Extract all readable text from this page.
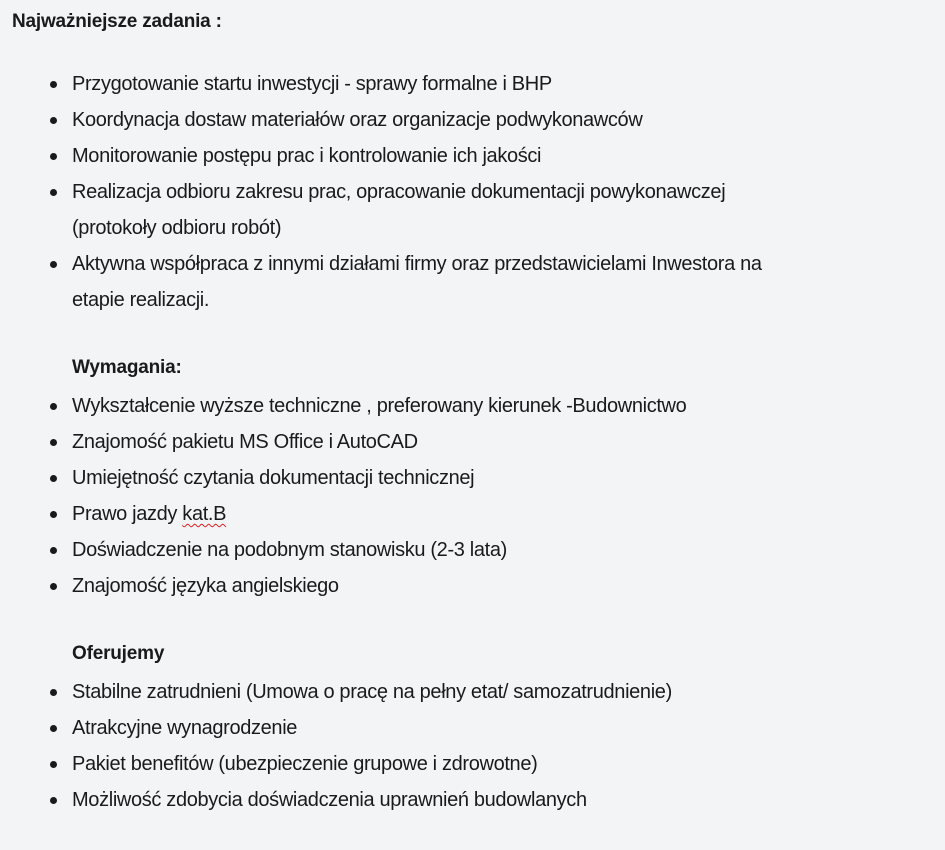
Najważniejsze zadania :
Przygotowanie startu inwestycji - sprawy formalne i BHP
Koordynacja dostaw materiałów oraz organizacje podwykonawców
Monitorowanie postępu prac i kontrolowanie ich jakości
Realizacja odbioru zakresu prac, opracowanie dokumentacji powykonawczej
(protokoły odbioru robót)
Aktywna współpraca z innymi działami firmy oraz przedstawicielami Inwestora na
etapie realizacji.
Wymagania:
Wykształcenie wyższe techniczne , preferowany kierunek -Budownictwo
Znajomość pakietu MS Office i AutoCAD
Umiejętność czytania dokumentacji technicznej
Prawo jazdy kat.B
Doświadczenie na podobnym stanowisku (2-3 lata)
Znajomość języka angielskiego
Oferujemy
Stabilne zatrudnieni (Umowa o pracę na pełny etat/ samozatrudnienie)
Atrakcyjne wynagrodzenie
Pakiet benefitów (ubezpieczenie grupowe i zdrowotne)
Możliwość zdobycia doświadczenia uprawnień budowlanych
